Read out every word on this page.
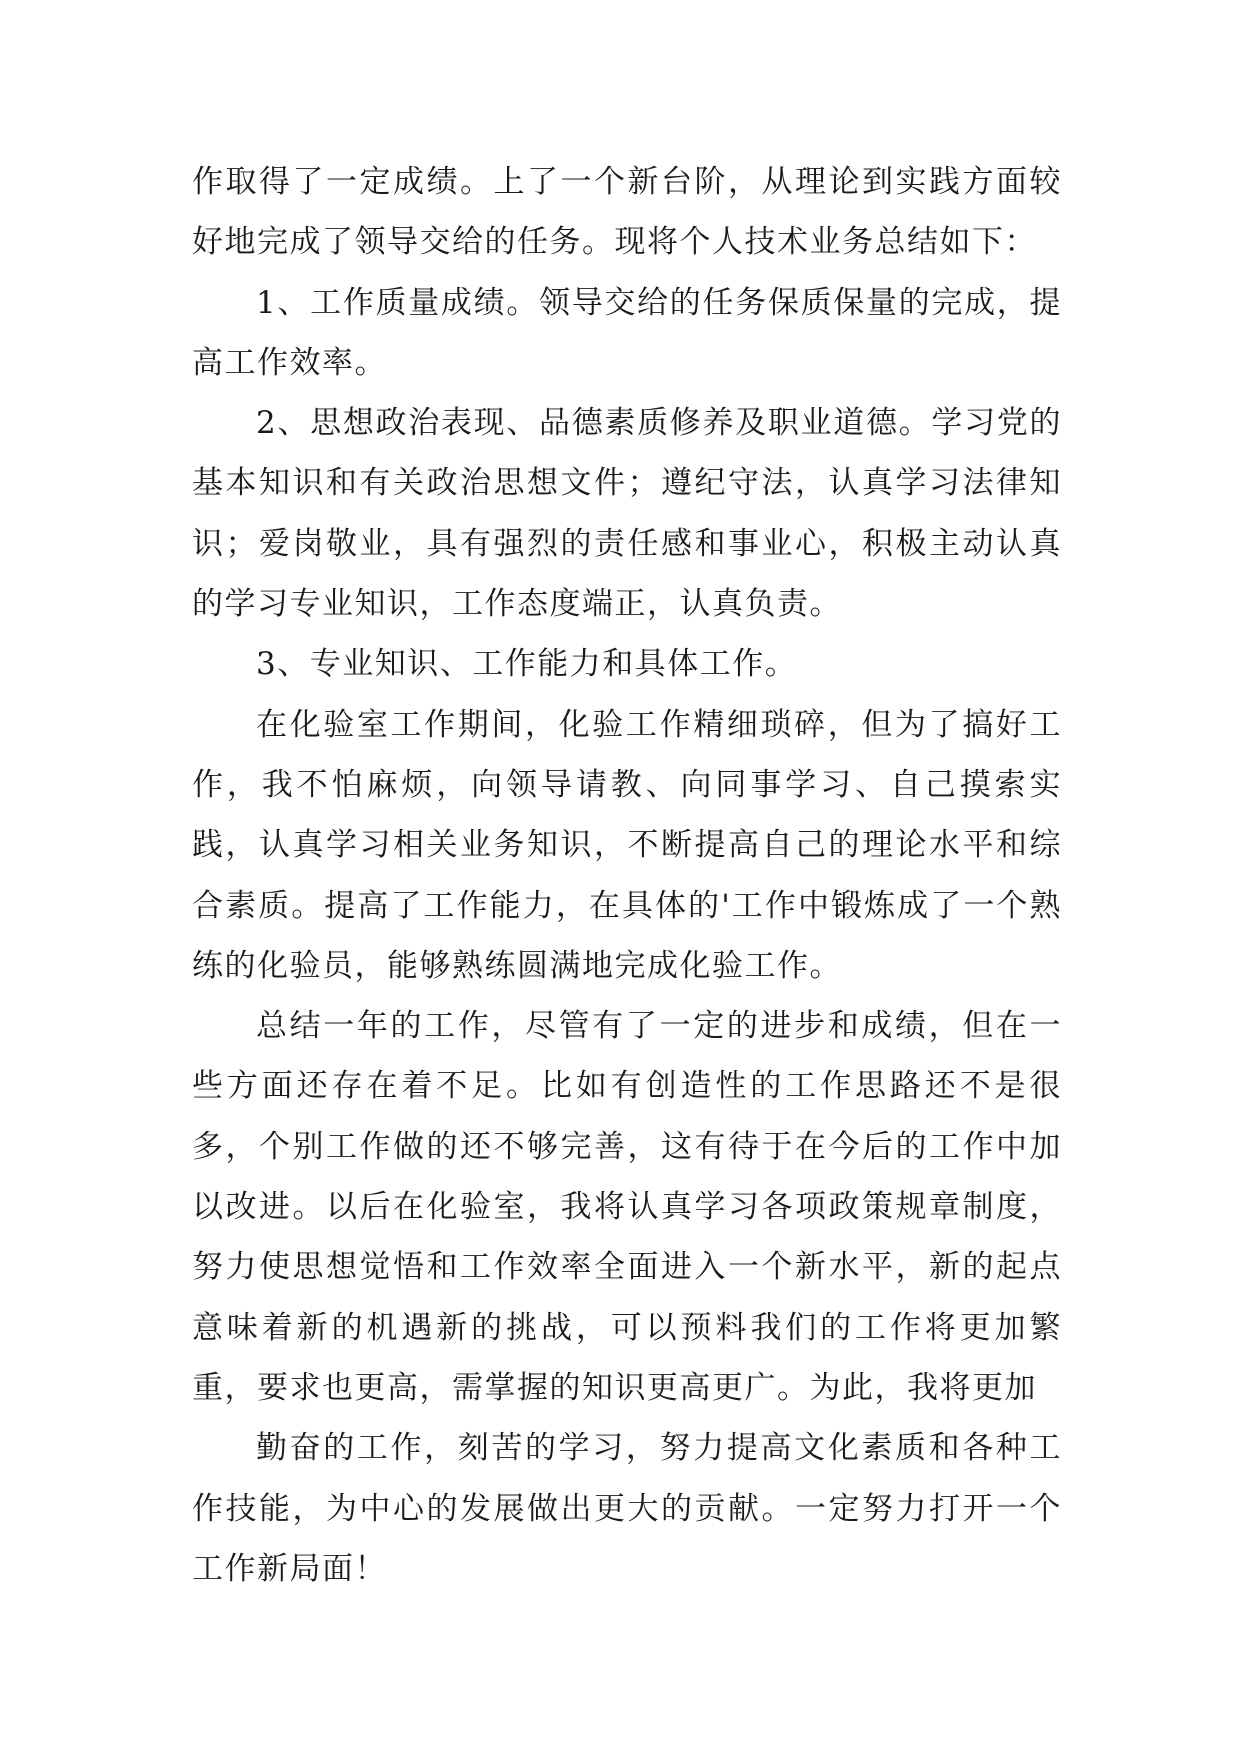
作取得了一定成绩。上了一个新台阶，从理论到实践方面较好地完成了领导交给的任务。现将个人技术业务总结如下：

1、工作质量成绩。领导交给的任务保质保量的完成，提高工作效率。

2、思想政治表现、品德素质修养及职业道德。学习党的基本知识和有关政治思想文件；遵纪守法，认真学习法律知识；爱岗敬业，具有强烈的责任感和事业心，积极主动认真的学习专业知识，工作态度端正，认真负责。

3、专业知识、工作能力和具体工作。

在化验室工作期间，化验工作精细琐碎，但为了搞好工作，我不怕麻烦，向领导请教、向同事学习、自己摸索实践，认真学习相关业务知识，不断提高自己的理论水平和综合素质。提高了工作能力，在具体的'工作中锻炼成了一个熟练的化验员，能够熟练圆满地完成化验工作。

总结一年的工作，尽管有了一定的进步和成绩，但在一些方面还存在着不足。比如有创造性的工作思路还不是很多，个别工作做的还不够完善，这有待于在今后的工作中加以改进。以后在化验室，我将认真学习各项政策规章制度，努力使思想觉悟和工作效率全面进入一个新水平，新的起点意味着新的机遇新的挑战，可以预料我们的工作将更加繁重，要求也更高，需掌握的知识更高更广。为此，我将更加

勤奋的工作，刻苦的学习，努力提高文化素质和各种工作技能，为中心的发展做出更大的贡献。一定努力打开一个工作新局面！
